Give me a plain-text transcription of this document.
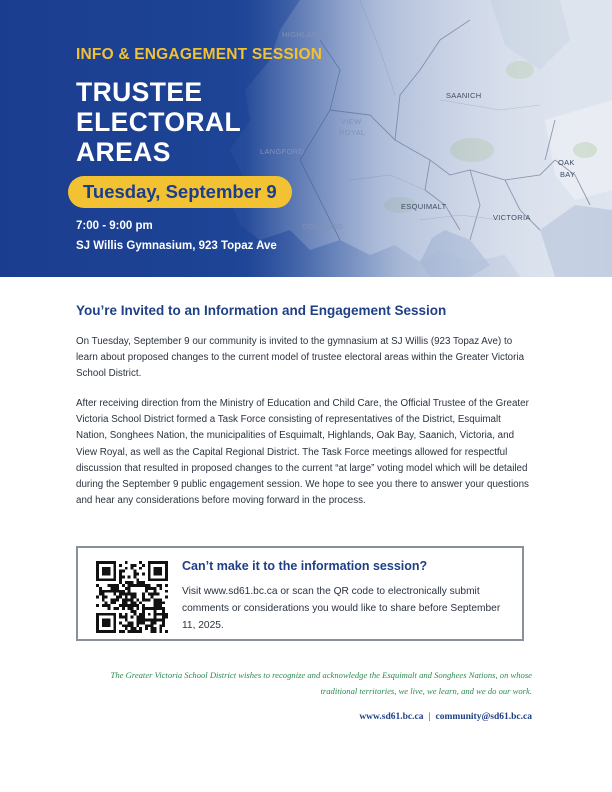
HIGHLANDS
SAANICH
VIEW
ROYAL
LANGFORD
OAK
BAY
ESQUIMALT
VICTORIA
COLWOOD
INFO & ENGAGEMENT SESSION
TRUSTEE
ELECTORAL
AREAS
Tuesday, September 9
7:00 - 9:00 pm
SJ Willis Gymnasium, 923 Topaz Ave
You’re Invited to an Information and Engagement Session

On Tuesday, September 9 our community is invited to the gymnasium at SJ Willis (923 Topaz Ave) to learn about proposed changes to the current model of trustee electoral areas within the Greater Victoria School District.

After receiving direction from the Ministry of Education and Child Care, the Official Trustee of the Greater Victoria School District formed a Task Force consisting of representatives of the District, Esquimalt Nation, Songhees Nation, the municipalities of Esquimalt, Highlands, Oak Bay, Saanich, Victoria, and View Royal, as well as the Capital Regional District. The Task Force meetings allowed for respectful discussion that resulted in proposed changes to the current “at large” voting model which will be detailed during the September 9 public engagement session. We hope to see you there to answer your questions and hear any considerations before moving forward in the process.

Can’t make it to the information session?

Visit www.sd61.bc.ca or scan the QR code to electronically submit comments or considerations you would like to share before September 11, 2025.

The Greater Victoria School District wishes to recognize and acknowledge the Esquimalt and Songhees Nations, on whose traditional territories, we live, we learn, and we do our work.

www.sd61.bc.ca | community@sd61.bc.ca
